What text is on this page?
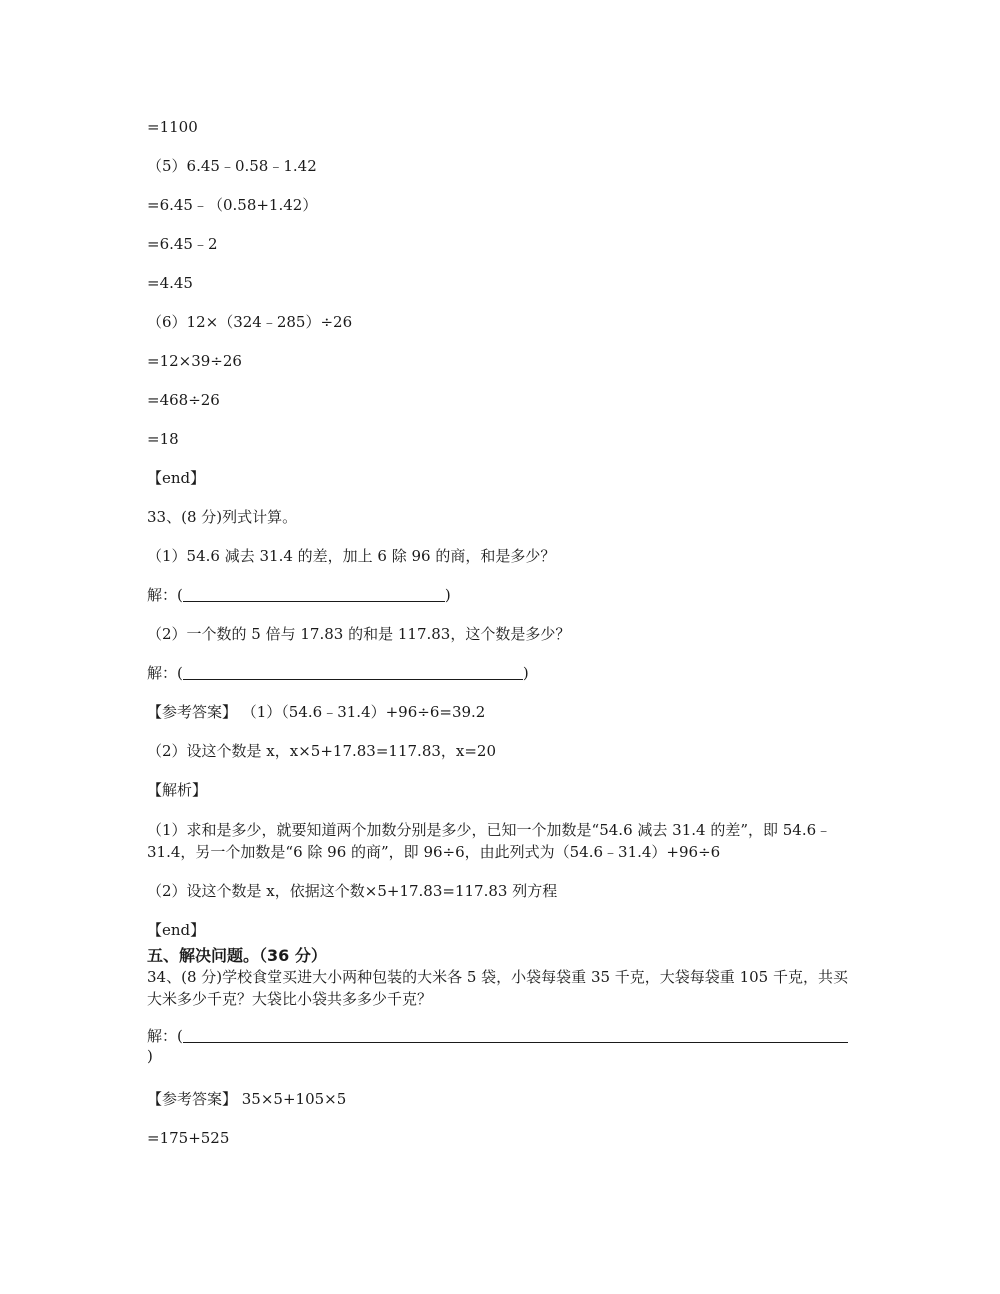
=1100
（5）6.45﹣0.58﹣1.42
=6.45﹣（0.58+1.42）
=6.45﹣2
=4.45
（6）12×（324﹣285）÷26
=12×39÷26
=468÷26
=18
【end】
33、(8 分)列式计算。
（1）54.6 减去 31.4 的差，加上 6 除 96 的商，和是多少？
解：(	)
（2）一个数的 5 倍与 17.83 的和是 117.83，这个数是多少？
解：(	)
【参考答案】 （1）（54.6﹣31.4）+96÷6=39.2
（2）设这个数是 x，x×5+17.83=117.83，x=20
【解析】
（1）求和是多少，就要知道两个加数分别是多少，已知一个加数是“54.6 减去 31.4 的差”，即 54.6﹣31.4，另一个加数是“6 除 96 的商”，即 96÷6，由此列式为（54.6﹣31.4）+96÷6
（2）设这个数是 x，依据这个数×5+17.83=117.83 列方程
【end】
五、解决问题。（36 分）
34、(8 分)学校食堂买进大小两种包装的大米各 5 袋，小袋每袋重 35 千克，大袋每袋重 105 千克，共买大米多少千克？大袋比小袋共多多少千克？
解：(
)
【参考答案】 35×5+105×5
=175+525
